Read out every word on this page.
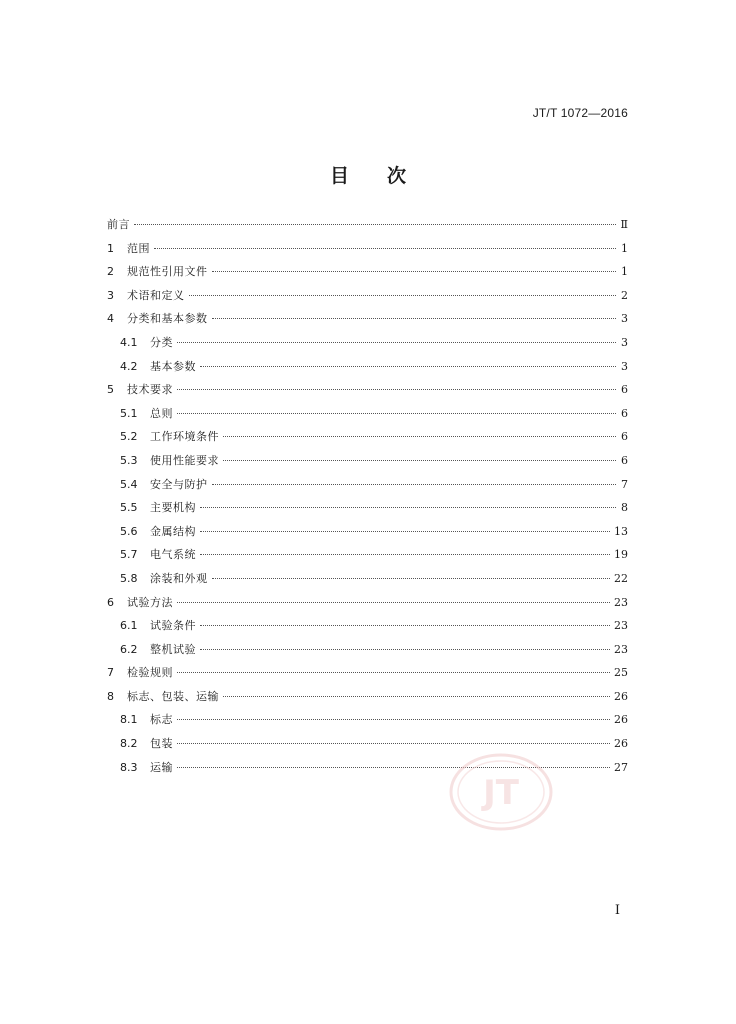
JT/T 1072—2016
目 次
前言	Ⅱ
1	范围	1
2	规范性引用文件	1
3	术语和定义	2
4	分类和基本参数	3
4.1	分类	3
4.2	基本参数	3
5	技术要求	6
5.1	总则	6
5.2	工作环境条件	6
5.3	使用性能要求	6
5.4	安全与防护	7
5.5	主要机构	8
5.6	金属结构	13
5.7	电气系统	19
5.8	涂装和外观	22
6	试验方法	23
6.1	试验条件	23
6.2	整机试验	23
7	检验规则	25
8	标志、包装、运输	26
8.1	标志	26
8.2	包装	26
8.3	运输	27
JT
I
